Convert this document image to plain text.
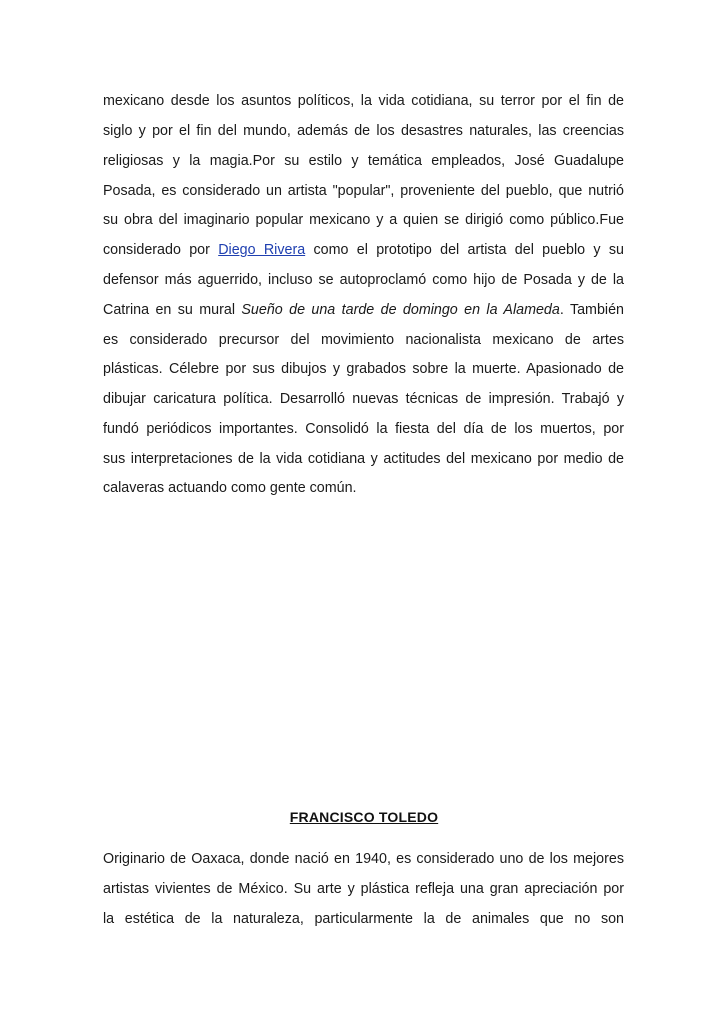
mexicano desde los asuntos políticos, la vida cotidiana, su terror por el fin de
siglo y por el fin del mundo, además de los desastres naturales, las creencias
religiosas y la magia.Por su estilo y temática empleados, José Guadalupe
Posada, es considerado un artista "popular", proveniente del pueblo, que nutrió
su obra del imaginario popular mexicano y a quien se dirigió como público.Fue
considerado por Diego Rivera como el prototipo del artista del pueblo y su
defensor más aguerrido, incluso se autoproclamó como hijo de Posada y de la
Catrina en su mural Sueño de una tarde de domingo en la Alameda. También
es considerado precursor del movimiento nacionalista mexicano de artes
plásticas. Célebre por sus dibujos y grabados sobre la muerte. Apasionado de
dibujar caricatura política. Desarrolló nuevas técnicas de impresión. Trabajó y
fundó periódicos importantes. Consolidó la fiesta del día de los muertos, por
sus interpretaciones de la vida cotidiana y actitudes del mexicano por medio de
calaveras actuando como gente común.
FRANCISCO TOLEDO
Originario de Oaxaca, donde nació en 1940, es considerado uno de los mejores
artistas vivientes de México. Su arte y plástica refleja una gran apreciación por
la estética de la naturaleza, particularmente la de animales que no son
